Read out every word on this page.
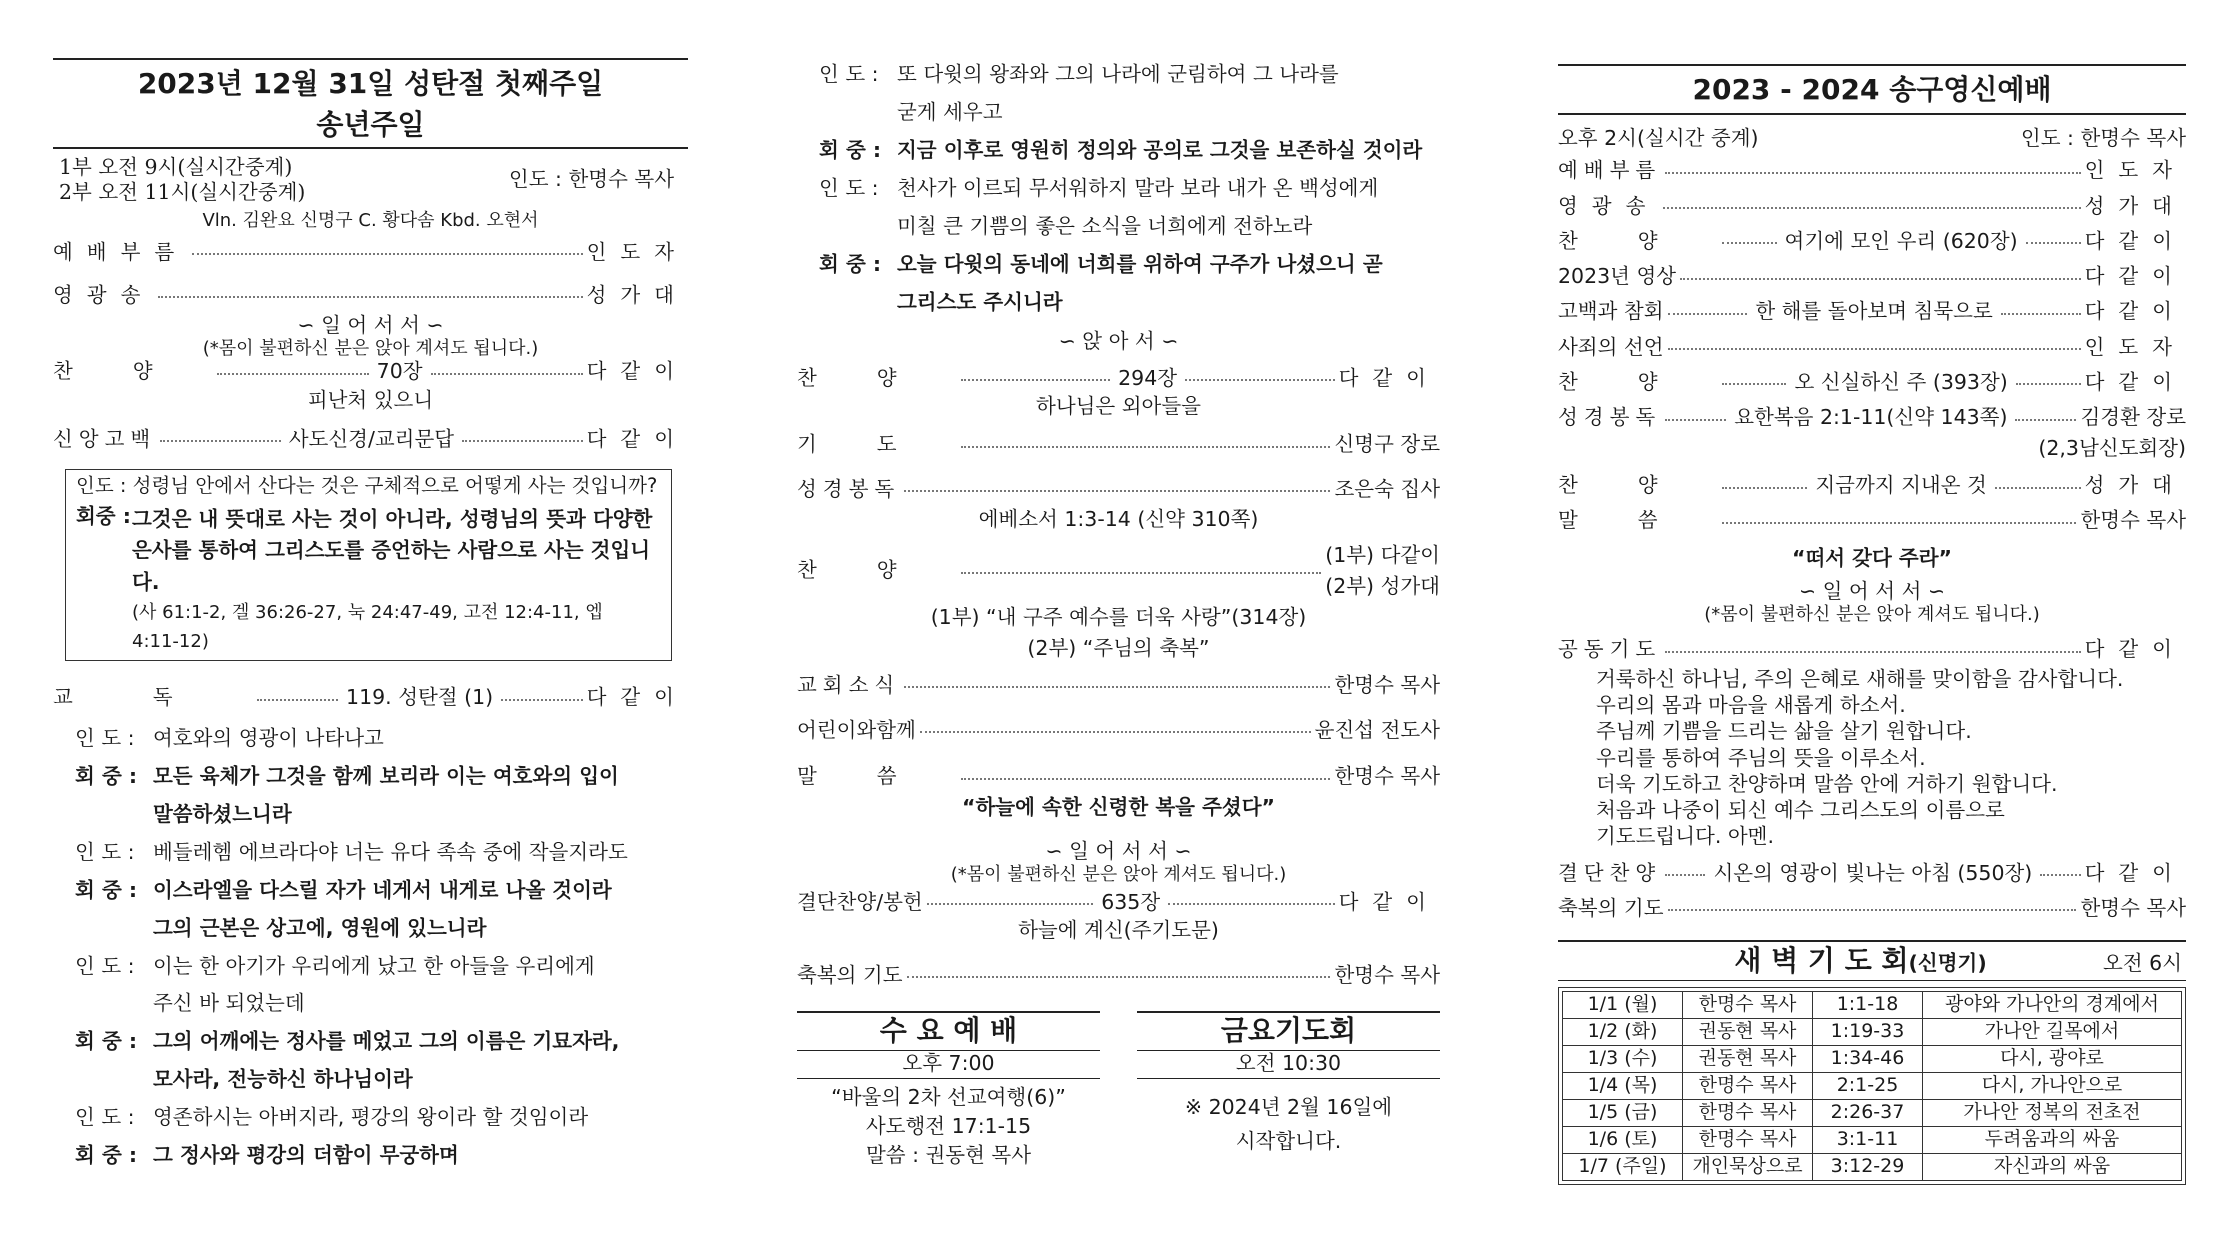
2023년 12월 31일 성탄절 첫째주일
송년주일
1부 오전 9시(실시간중계)
2부 오전 11시(실시간중계)
인도 : 한명수 목사
Vln. 김완요 신명구 C. 황다솜 Kbd. 오현서
예배부름	인도자
영광송	성가대
∽ 일 어 서 서 ∽
(*몸이 불편하신 분은 앉아 계셔도 됩니다.)
찬양	70장	다같이
피난처 있으니
신앙고백	사도신경/교리문답	다같이
인도 : 성령님 안에서 산다는 것은 구체적으로 어떻게 사는 것입니까?
회중 : 그것은 내 뜻대로 사는 것이 아니라, 성령님의 뜻과 다양한
은사를 통하여 그리스도를 증언하는 사람으로 사는 것입니다.
(사 61:1-2, 겔 36:26-27, 눅 24:47-49, 고전 12:4-11, 엡
4:11-12)
교독	119. 성탄절 (1)	다같이
인 도 : 여호와의 영광이 나타나고
회 중 : 모든 육체가 그것을 함께 보리라 이는 여호와의 입이
말씀하셨느니라
인 도 : 베들레헴 에브라다야 너는 유다 족속 중에 작을지라도
회 중 : 이스라엘을 다스릴 자가 네게서 내게로 나올 것이라
그의 근본은 상고에, 영원에 있느니라
인 도 : 이는 한 아기가 우리에게 났고 한 아들을 우리에게
주신 바 되었는데
회 중 : 그의 어깨에는 정사를 메었고 그의 이름은 기묘자라,
모사라, 전능하신 하나님이라
인 도 : 영존하시는 아버지라, 평강의 왕이라 할 것임이라
회 중 : 그 정사와 평강의 더함이 무궁하며
인 도 : 또 다윗의 왕좌와 그의 나라에 군림하여 그 나라를
굳게 세우고
회 중 : 지금 이후로 영원히 정의와 공의로 그것을 보존하실 것이라
인 도 : 천사가 이르되 무서워하지 말라 보라 내가 온 백성에게
미칠 큰 기쁨의 좋은 소식을 너희에게 전하노라
회 중 : 오늘 다윗의 동네에 너희를 위하여 구주가 나셨으니 곧
그리스도 주시니라
∽ 앉 아 서 ∽
찬양	294장	다같이
하나님은 외아들을
기도	신명구 장로
성경봉독	조은숙 집사
에베소서 1:3-14 (신약 310쪽)
찬양
(1부) 다같이
(2부) 성가대
(1부) “내 구주 예수를 더욱 사랑”(314장)
(2부) “주님의 축복”
교회소식	한명수 목사
어린이와함께	윤진섭 전도사
말씀	한명수 목사
“하늘에 속한 신령한 복을 주셨다”
∽ 일 어 서 서 ∽
(*몸이 불편하신 분은 앉아 계셔도 됩니다.)
결단찬양/봉헌	635장	다같이
하늘에 계신(주기도문)
축복의 기도	한명수 목사
수 요 예 배
오후 7:00
“바울의 2차 선교여행(6)”
사도행전 17:1-15
말씀 : 권동현 목사
금요기도회
오전 10:30
※ 2024년 2월 16일에
시작합니다.
2023 - 2024 송구영신예배
오후 2시(실시간 중계)	인도 : 한명수 목사
예배부름	인도자
영광송	성가대
찬양	여기에 모인 우리 (620장)	다같이
2023년 영상	다같이
고백과 참회	한 해를 돌아보며 침묵으로	다같이
사죄의 선언	인도자
찬양	오 신실하신 주 (393장)	다같이
성경봉독	요한복음 2:1-11(신약 143쪽)	김경환 장로
(2,3남신도회장)
찬양	지금까지 지내온 것	성가대
말씀	한명수 목사
“떠서 갖다 주라”
∽ 일 어 서 서 ∽
(*몸이 불편하신 분은 앉아 계셔도 됩니다.)
공동기도	다같이
거룩하신 하나님, 주의 은혜로 새해를 맞이함을 감사합니다.
우리의 몸과 마음을 새롭게 하소서.
주님께 기쁨을 드리는 삶을 살기 원합니다.
우리를 통하여 주님의 뜻을 이루소서.
더욱 기도하고 찬양하며 말씀 안에 거하기 원합니다.
처음과 나중이 되신 예수 그리스도의 이름으로
기도드립니다. 아멘.
결단찬양	시온의 영광이 빛나는 아침 (550장)	다같이
축복의 기도	한명수 목사
새 벽 기 도 회(신명기)	오전 6시
1/1 (월)	한명수 목사	1:1-18	광야와 가나안의 경계에서
1/2 (화)	권동현 목사	1:19-33	가나안 길목에서
1/3 (수)	권동현 목사	1:34-46	다시, 광야로
1/4 (목)	한명수 목사	2:1-25	다시, 가나안으로
1/5 (금)	한명수 목사	2:26-37	가나안 정복의 전초전
1/6 (토)	한명수 목사	3:1-11	두려움과의 싸움
1/7 (주일)	개인묵상으로	3:12-29	자신과의 싸움
